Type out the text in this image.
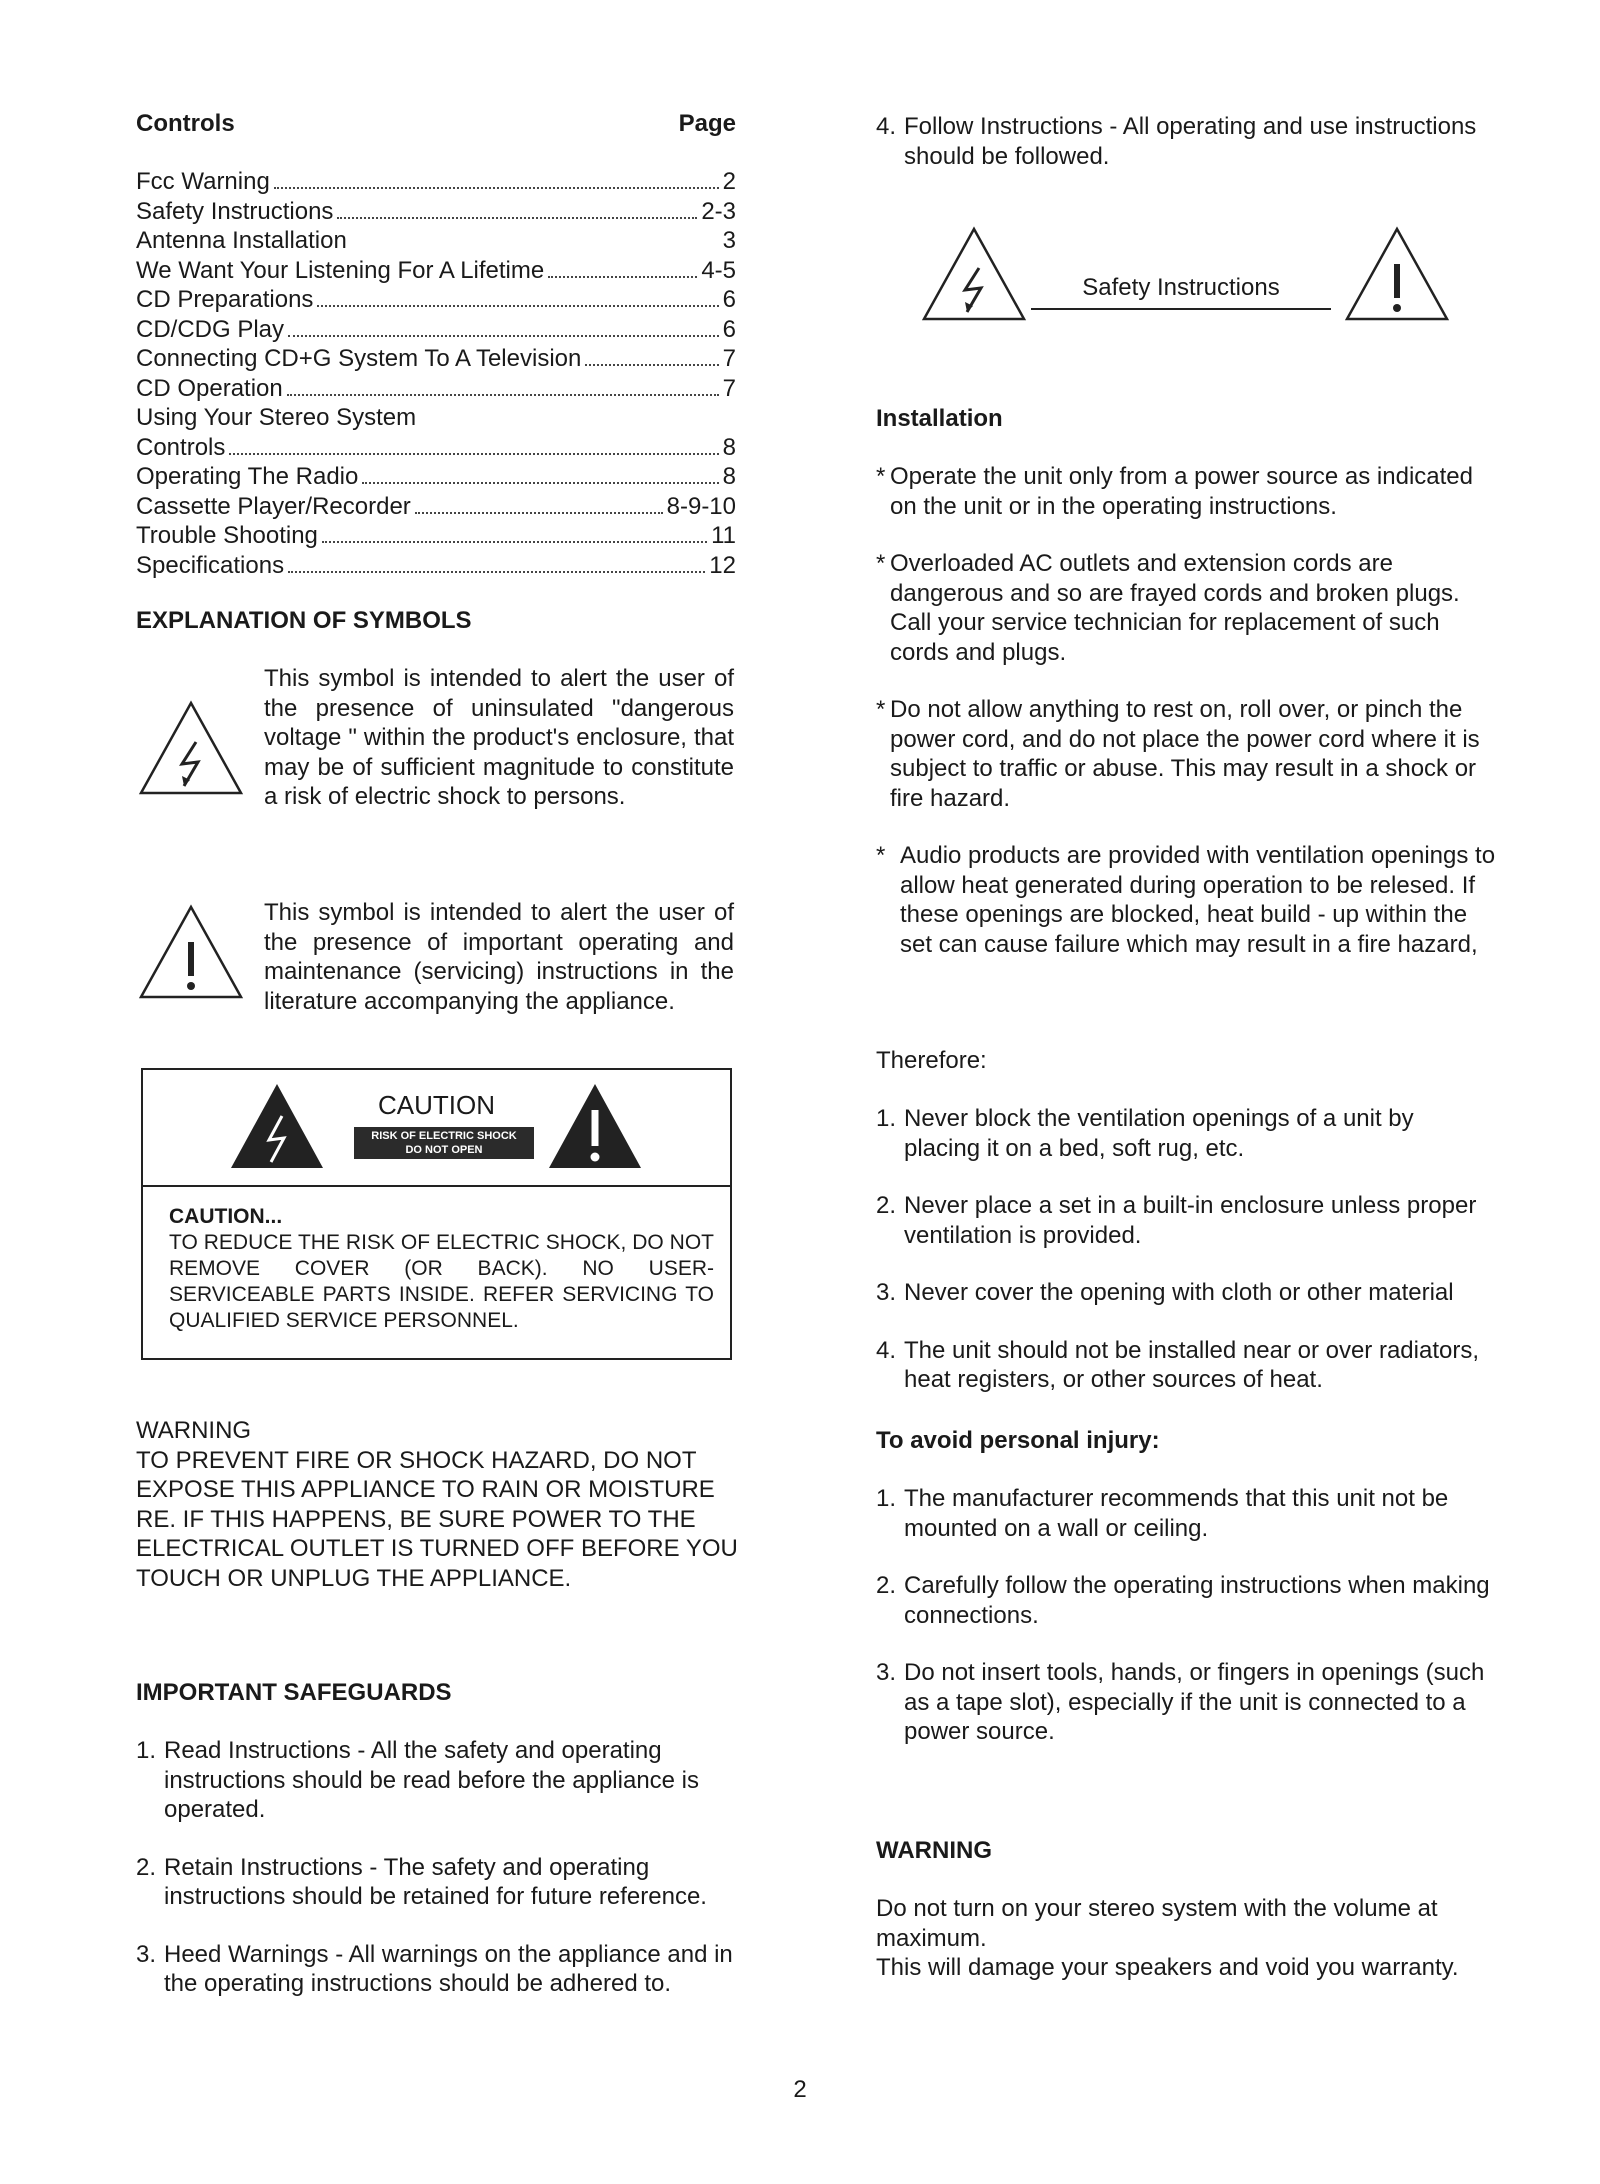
Controls	Page
Fcc Warning	2
Safety Instructions	2-3
Antenna Installation	3
We Want Your Listening For A Lifetime	4-5
CD Preparations	6
CD/CDG Play	6
Connecting CD+G System To A Television	7
CD Operation	7
Using Your Stereo System
Controls	8
Operating The Radio	8
Cassette Player/Recorder	8-9-10
Trouble Shooting	11
Specifications	12
EXPLANATION OF SYMBOLS
This symbol is intended to alert the user of the presence of uninsulated "dangerous voltage " within the product's enclosure, that may be of sufficient magnitude to constitute a risk of electric shock to persons.
This symbol is intended to alert the user of the presence of important operating and maintenance (servicing) instructions in the literature accompanying the appliance.
CAUTION
RISK OF ELECTRIC SHOCK
DO NOT OPEN
CAUTION...
TO REDUCE THE RISK OF ELECTRIC SHOCK, DO NOT REMOVE COVER (OR BACK). NO USER-SERVICEABLE PARTS INSIDE. REFER SERVICING TO QUALIFIED SERVICE PERSONNEL.
WARNING
TO PREVENT FIRE OR SHOCK HAZARD, DO NOT EXPOSE THIS APPLIANCE TO RAIN OR MOISTURE RE. IF THIS HAPPENS, BE SURE POWER TO THE ELECTRICAL OUTLET IS TURNED OFF BEFORE YOU TOUCH OR UNPLUG THE APPLIANCE.
IMPORTANT SAFEGUARDS
1. Read Instructions - All the safety and operating instructions should be read before the appliance is operated.
2. Retain Instructions - The safety and operating instructions should be retained for future reference.
3. Heed Warnings - All warnings on the appliance and in the operating instructions should be adhered to.
4. Follow Instructions - All operating and use instructions should be followed.
Safety Instructions
Installation
* Operate the unit only from a power source as indicated on the unit or in the operating instructions.
* Overloaded AC outlets and extension cords are dangerous and so are frayed cords and broken plugs. Call your service technician for replacement of such cords and plugs.
* Do not allow anything to rest on, roll over, or pinch the power cord, and do not place the power cord where it is subject to traffic or abuse. This may result in a shock or fire hazard.
* Audio products are provided with ventilation openings to allow heat generated during operation to be relesed. If these openings are blocked, heat build - up within the set can cause failure which may result in a fire hazard,
Therefore:
1. Never block the ventilation openings of a unit by placing it on a bed, soft rug, etc.
2. Never place a set in a built-in enclosure unless proper ventilation is provided.
3. Never cover the opening with cloth or other material
4. The unit should not be installed near or over radiators, heat registers, or other sources of heat.
To avoid personal injury:
1. The manufacturer recommends that this unit not be mounted on a wall or ceiling.
2. Carefully follow the operating instructions when making connections.
3. Do not insert tools, hands, or fingers in openings (such as a tape slot), especially if the unit is connected to a power source.
WARNING
Do not turn on your stereo system with the volume at maximum.
This will damage your speakers and void you warranty.
2
